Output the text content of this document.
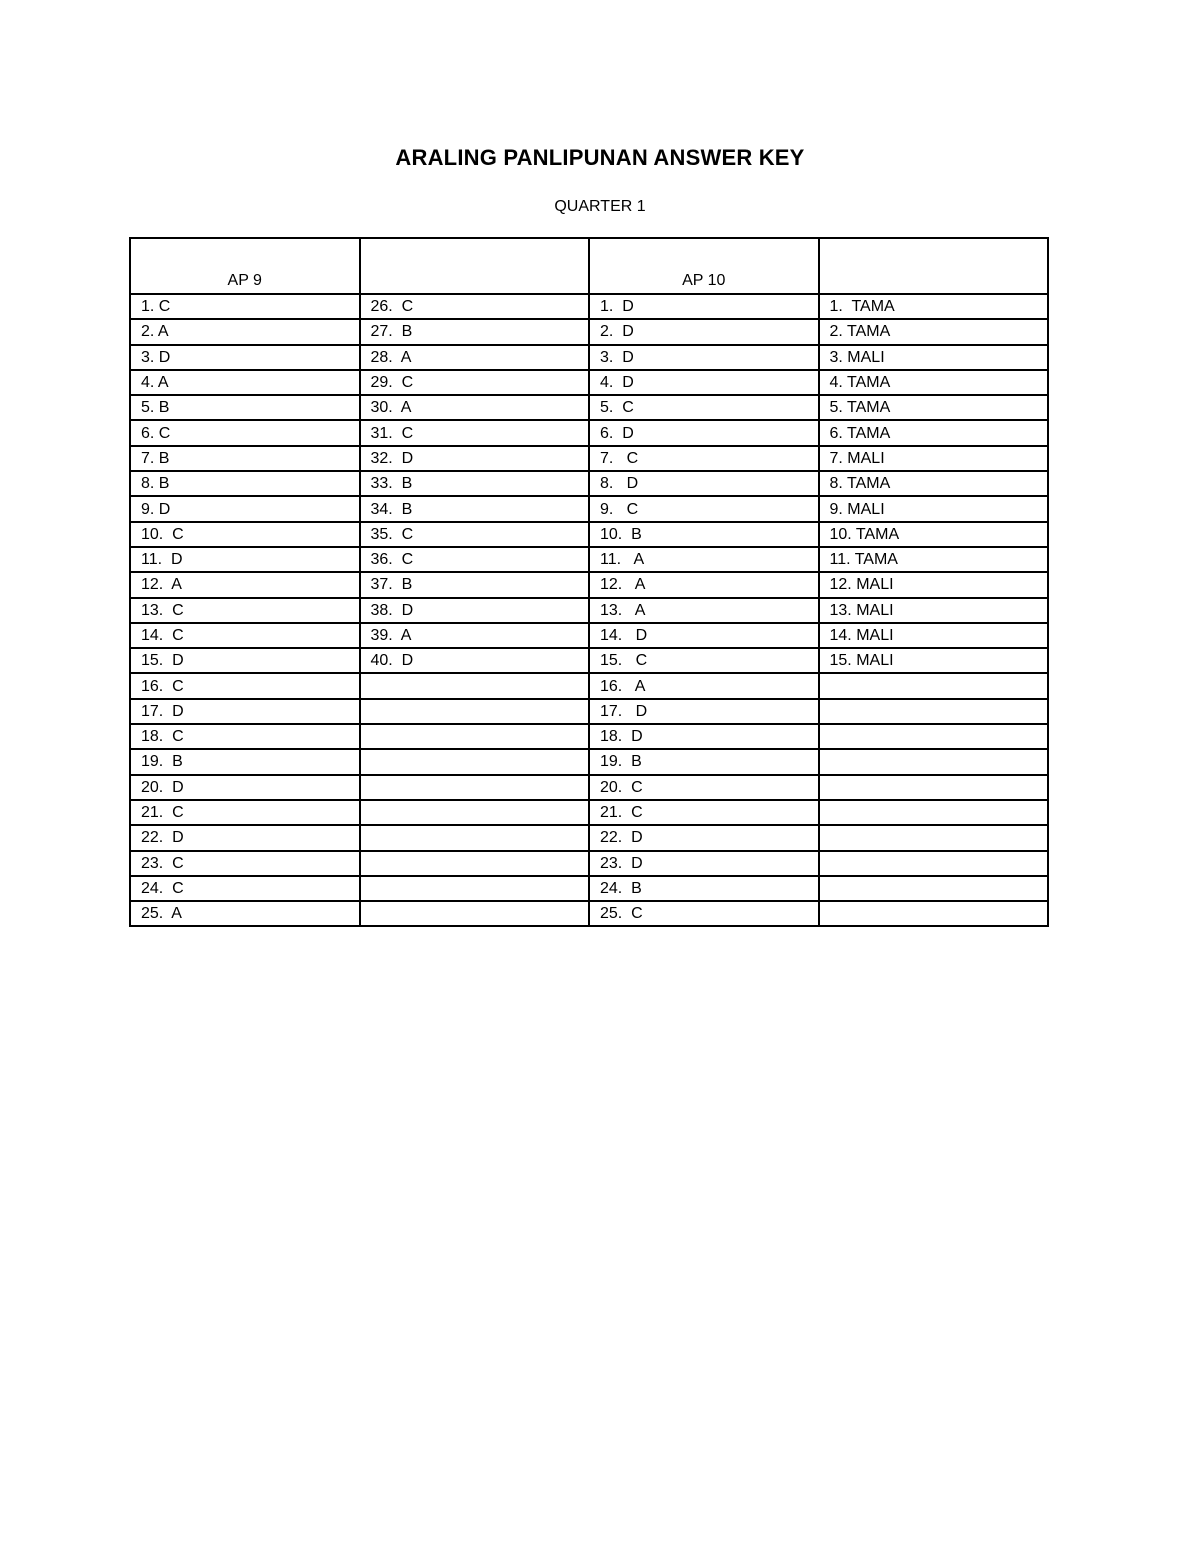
ARALING PANLIPUNAN ANSWER KEY
QUARTER 1
AP 9		AP 10	
1. C	26.  C	1.  D	1.  TAMA
2. A	27.  B	2.  D	2. TAMA
3. D	28.  A	3.  D	3. MALI
4. A	29.  C	4.  D	4. TAMA
5. B	30.  A	5.  C	5. TAMA
6. C	31.  C	6.  D	6. TAMA
7. B	32.  D	7.   C	7. MALI
8. B	33.  B	8.   D	8. TAMA
9. D	34.  B	9.   C	9. MALI
10.  C	35.  C	10.  B	10. TAMA
11.  D	36.  C	11.   A	11. TAMA
12.  A	37.  B	12.   A	12. MALI
13.  C	38.  D	13.   A	13. MALI
14.  C	39.  A	14.   D	14. MALI
15.  D	40.  D	15.   C	15. MALI
16.  C		16.   A	
17.  D		17.   D	
18.  C		18.  D	
19.  B		19.  B	
20.  D		20.  C	
21.  C		21.  C	
22.  D		22.  D	
23.  C		23.  D	
24.  C		24.  B	
25.  A		25.  C	
